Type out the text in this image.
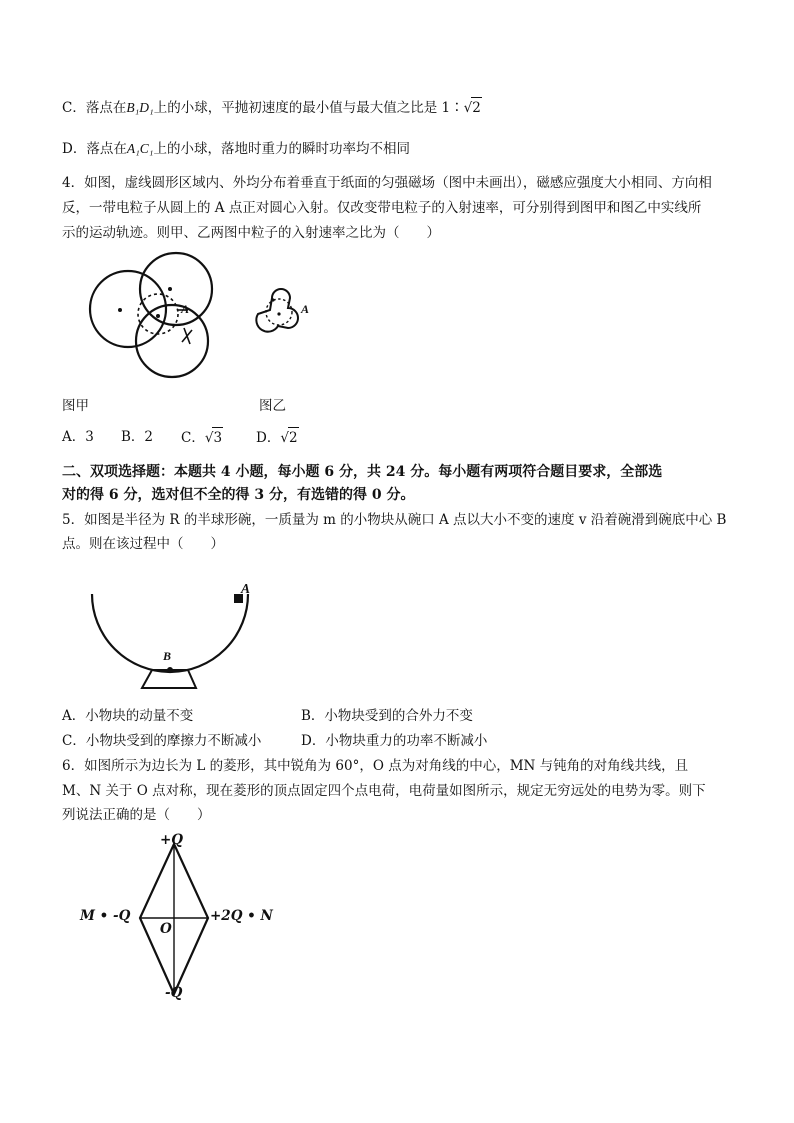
C．落点在B₁D₁上的小球，平抛初速度的最小值与最大值之比是 1∶√2
D．落点在A₁C₁上的小球，落地时重力的瞬时功率均不相同
4．如图，虚线圆形区域内、外均分布着垂直于纸面的匀强磁场（图中未画出），磁感应强度大小相同、方向相
反，一带电粒子从圆上的 A 点正对圆心入射。仅改变带电粒子的入射速率，可分别得到图甲和图乙中实线所
示的运动轨迹。则甲、乙两图中粒子的入射速率之比为（　　）
A	A
图甲	图乙
A．3 B．2 C．√3	D．√2
二、双项选择题：本题共 4 小题，每小题 6 分，共 24 分。每小题有两项符合题目要求，全部选
对的得 6 分，选对但不全的得 3 分，有选错的得 0 分。
5．如图是半径为 R 的半球形碗，一质量为 m 的小物块从碗口 A 点以大小不变的速度 v 沿着碗滑到碗底中心 B
点。则在该过程中（　　）
A
B
A．小物块的动量不变	B．小物块受到的合外力不变
C．小物块受到的摩擦力不断减小	D．小物块重力的功率不断减小
6．如图所示为边长为 L 的菱形，其中锐角为 60°，O 点为对角线的中心，MN 与钝角的对角线共线，且
M、N 关于 O 点对称，现在菱形的顶点固定四个点电荷，电荷量如图所示，规定无穷远处的电势为零。则下
列说法正确的是（　　）
+Q
M • -Q	+2Q • N
O
-Q
